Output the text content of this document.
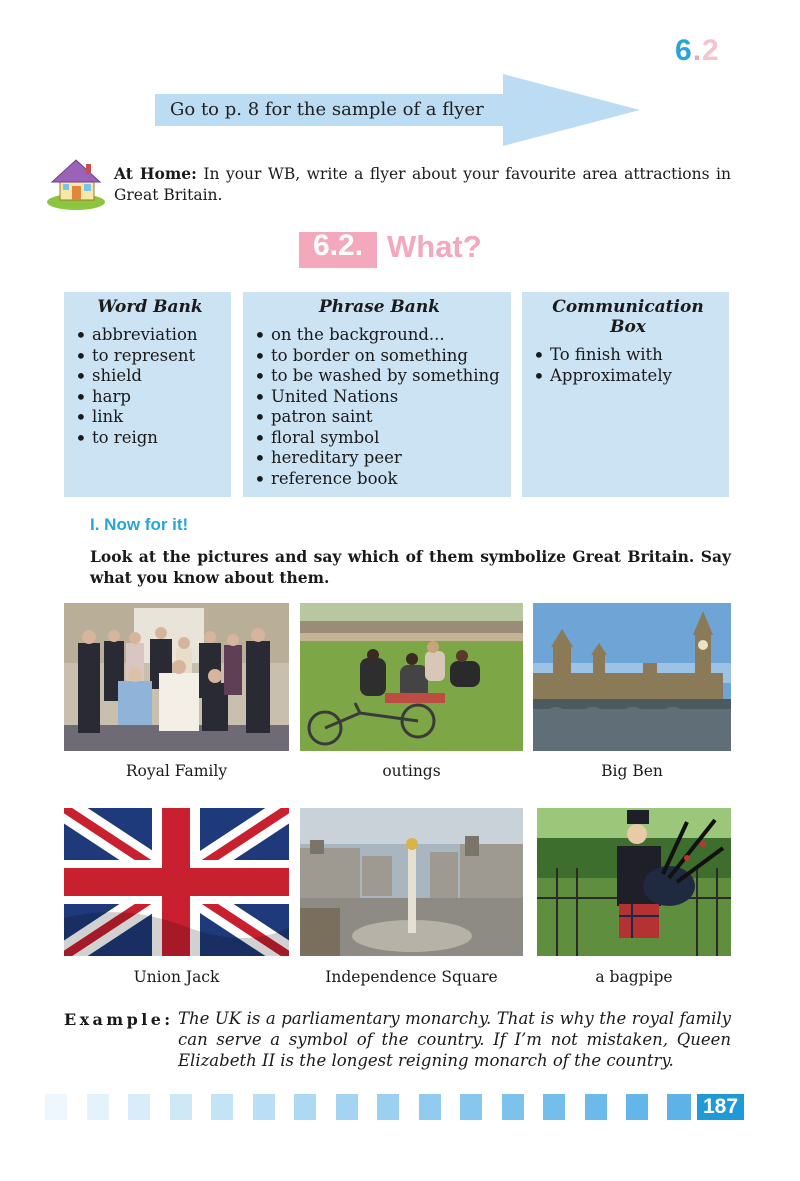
6.2
Go to p. 8 for the sample of a flyer
At Home: In your WB, write a flyer about your favourite area attractions in Great Britain.
6.2. What?
Word Bank
• abbreviation
• to represent
• shield
• harp
• link
• to reign
Phrase Bank
• on the background...
• to border on something
• to be washed by something
• United Nations
• patron saint
• floral symbol
• hereditary peer
• reference book
Communication Box
• To finish with
• Approximately
I. Now for it!
Look at the pictures and say which of them symbolize Great Britain. Say what you know about them.
Royal Family	outings	Big Ben
Union Jack	Independence Square	a bagpipe
Example: The UK is a parliamentary monarchy. That is why the royal family can serve a symbol of the country. If I’m not mistaken, Queen Elizabeth II is the longest reigning monarch of the country.
187
